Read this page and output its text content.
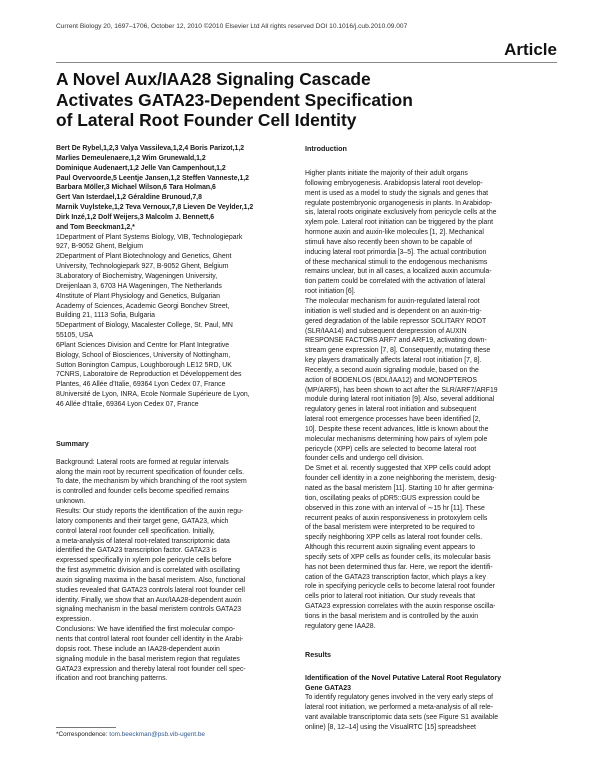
Current Biology 20, 1697–1706, October 12, 2010 ©2010 Elsevier Ltd All rights reserved DOI 10.1016/j.cub.2010.09.007
Article
A Novel Aux/IAA28 Signaling Cascade
Activates GATA23-Dependent Specification
of Lateral Root Founder Cell Identity
Bert De Rybel,1,2,3 Valya Vassileva,1,2,4 Boris Parizot,1,2
Marlies Demeulenaere,1,2 Wim Grunewald,1,2
Dominique Audenaert,1,2 Jelle Van Campenhout,1,2
Paul Overvoorde,5 Leentje Jansen,1,2 Steffen Vanneste,1,2
Barbara Möller,3 Michael Wilson,6 Tara Holman,6
Gert Van Isterdael,1,2 Géraldine Brunoud,7,8
Marnik Vuylsteke,1,2 Teva Vernoux,7,8 Lieven De Veylder,1,2
Dirk Inzé,1,2 Dolf Weijers,3 Malcolm J. Bennett,6
and Tom Beeckman1,2,*
1Department of Plant Systems Biology, VIB, Technologiepark
927, B-9052 Ghent, Belgium
2Department of Plant Biotechnology and Genetics, Ghent
University, Technologiepark 927, B-9052 Ghent, Belgium
3Laboratory of Biochemistry, Wageningen University,
Dreijenlaan 3, 6703 HA Wageningen, The Netherlands
4Institute of Plant Physiology and Genetics, Bulgarian
Academy of Sciences, Academic Georgi Bonchev Street,
Building 21, 1113 Sofia, Bulgaria
5Department of Biology, Macalester College, St. Paul, MN
55105, USA
6Plant Sciences Division and Centre for Plant Integrative
Biology, School of Biosciences, University of Nottingham,
Sutton Bonington Campus, Loughborough LE12 5RD, UK
7CNRS, Laboratoire de Reproduction et Développement des
Plantes, 46 Allée d’Italie, 69364 Lyon Cedex 07, France
8Université de Lyon, INRA, Ecole Normale Supérieure de Lyon,
46 Allée d’Italie, 69364 Lyon Cedex 07, France
Summary
Background: Lateral roots are formed at regular intervals
along the main root by recurrent specification of founder cells.
To date, the mechanism by which branching of the root system
is controlled and founder cells become specified remains
unknown.
Results: Our study reports the identification of the auxin regu-
latory components and their target gene, GATA23, which
control lateral root founder cell specification. Initially,
a meta-analysis of lateral root-related transcriptomic data
identified the GATA23 transcription factor. GATA23 is
expressed specifically in xylem pole pericycle cells before
the first asymmetric division and is correlated with oscillating
auxin signaling maxima in the basal meristem. Also, functional
studies revealed that GATA23 controls lateral root founder cell
identity. Finally, we show that an Aux/IAA28-dependent auxin
signaling mechanism in the basal meristem controls GATA23
expression.
Conclusions: We have identified the first molecular compo-
nents that control lateral root founder cell identity in the Arabi-
dopsis root. These include an IAA28-dependent auxin
signaling module in the basal meristem region that regulates
GATA23 expression and thereby lateral root founder cell spec-
ification and root branching patterns.
Introduction
Higher plants initiate the majority of their adult organs
following embryogenesis. Arabidopsis lateral root develop-
ment is used as a model to study the signals and genes that
regulate postembryonic organogenesis in plants. In Arabidop-
sis, lateral roots originate exclusively from pericycle cells at the
xylem pole. Lateral root initiation can be triggered by the plant
hormone auxin and auxin-like molecules [1, 2]. Mechanical
stimuli have also recently been shown to be capable of
inducing lateral root primordia [3–5]. The actual contribution
of these mechanical stimuli to the endogenous mechanisms
remains unclear, but in all cases, a localized auxin accumula-
tion pattern could be correlated with the activation of lateral
root initiation [6].
The molecular mechanism for auxin-regulated lateral root
initiation is well studied and is dependent on an auxin-trig-
gered degradation of the labile repressor SOLITARY ROOT
(SLR/IAA14) and subsequent derepression of AUXIN
RESPONSE FACTORS ARF7 and ARF19, activating down-
stream gene expression [7, 8]. Consequently, mutating these
key players dramatically affects lateral root initiation [7, 8].
Recently, a second auxin signaling module, based on the
action of BODENLOS (BDL/IAA12) and MONOPTEROS
(MP/ARF5), has been shown to act after the SLR/ARF7/ARF19
module during lateral root initiation [9]. Also, several additional
regulatory genes in lateral root initiation and subsequent
lateral root emergence processes have been identified [2,
10]. Despite these recent advances, little is known about the
molecular mechanisms determining how pairs of xylem pole
pericycle (XPP) cells are selected to become lateral root
founder cells and undergo cell division.
De Smet et al. recently suggested that XPP cells could adopt
founder cell identity in a zone neighboring the meristem, desig-
nated as the basal meristem [11]. Starting 10 hr after germina-
tion, oscillating peaks of pDR5::GUS expression could be
observed in this zone with an interval of ∼15 hr [11]. These
recurrent peaks of auxin responsiveness in protoxylem cells
of the basal meristem were interpreted to be required to
specify neighboring XPP cells as lateral root founder cells.
Although this recurrent auxin signaling event appears to
specify sets of XPP cells as founder cells, its molecular basis
has not been determined thus far. Here, we report the identifi-
cation of the GATA23 transcription factor, which plays a key
role in specifying pericycle cells to become lateral root founder
cells prior to lateral root initiation. Our study reveals that
GATA23 expression correlates with the auxin response oscilla-
tions in the basal meristem and is controlled by the auxin
regulatory gene IAA28.
Results
Identification of the Novel Putative Lateral Root Regulatory
Gene GATA23
To identify regulatory genes involved in the very early steps of
lateral root initiation, we performed a meta-analysis of all rele-
vant available transcriptomic data sets (see Figure S1 available
online) [8, 12–14] using the VisualRTC [15] spreadsheet
*Correspondence: tom.beeckman@psb.vib-ugent.be
